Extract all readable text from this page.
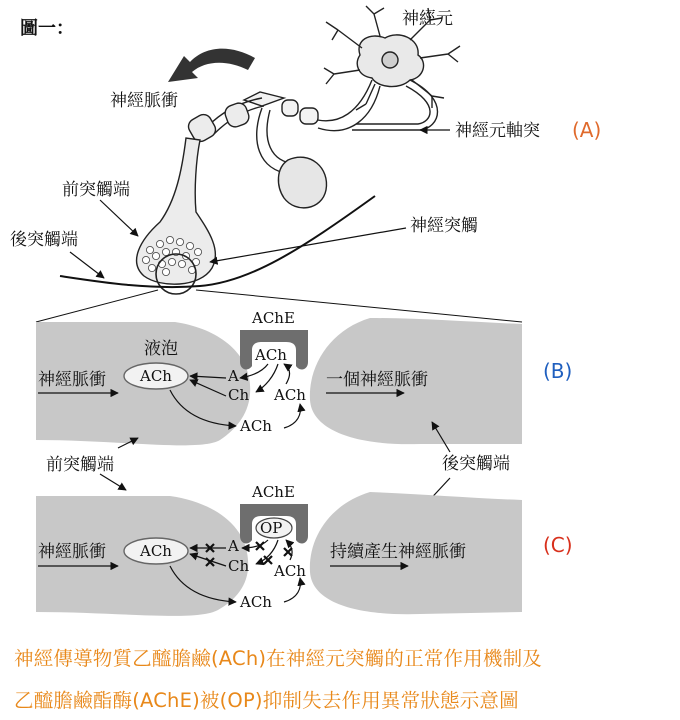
圖一：	神經元
神經脈衝
神經元軸突 (A)
前突觸端
後突觸端
神經突觸
AChE
ACh
液泡
ACh	A
Ch ACh
ACh
神經脈衝	一個神經脈衝	(B)
前突觸端	後突觸端
AChE
OP
ACh	A
Ch ACh
ACh
神經脈衝	持續產生神經脈衝	(C)
神經傳導物質乙醯膽鹼(ACh)在神經元突觸的正常作用機制及
乙醯膽鹼酯酶(AChE)被(OP)抑制失去作用異常狀態示意圖
